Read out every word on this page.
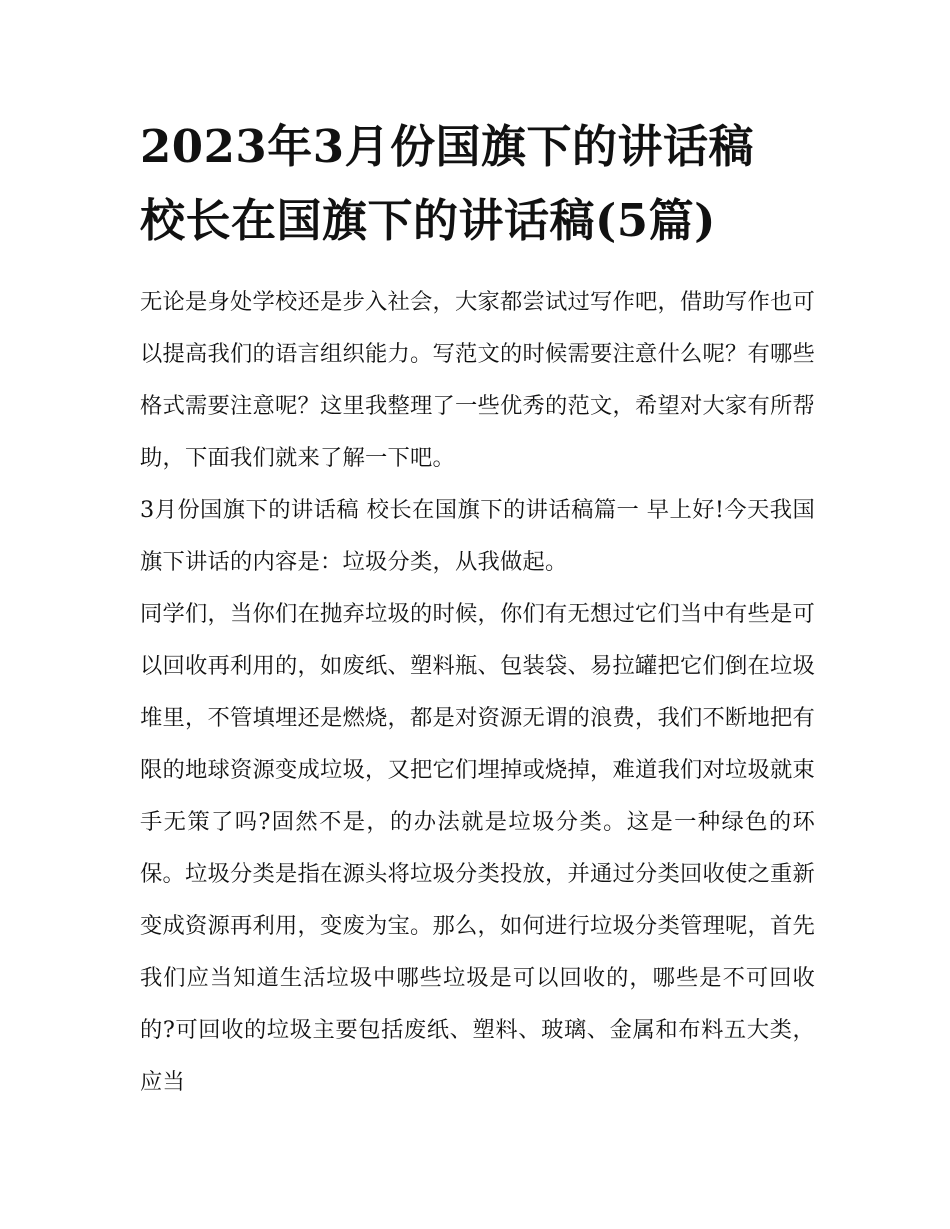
2023年3月份国旗下的讲话稿
校长在国旗下的讲话稿(5篇)

无论是身处学校还是步入社会，大家都尝试过写作吧，借助写作也可以提高我们的语言组织能力。写范文的时候需要注意什么呢？有哪些格式需要注意呢？这里我整理了一些优秀的范文，希望对大家有所帮助，下面我们就来了解一下吧。

3月份国旗下的讲话稿 校长在国旗下的讲话稿篇一 早上好!今天我国旗下讲话的内容是：垃圾分类，从我做起。

同学们，当你们在抛弃垃圾的时候，你们有无想过它们当中有些是可以回收再利用的，如废纸、塑料瓶、包装袋、易拉罐把它们倒在垃圾堆里，不管填埋还是燃烧，都是对资源无谓的浪费，我们不断地把有限的地球资源变成垃圾，又把它们埋掉或烧掉，难道我们对垃圾就束手无策了吗?固然不是，的办法就是垃圾分类。这是一种绿色的环保。垃圾分类是指在源头将垃圾分类投放，并通过分类回收使之重新变成资源再利用，变废为宝。那么，如何进行垃圾分类管理呢，首先我们应当知道生活垃圾中哪些垃圾是可以回收的，哪些是不可回收的?可回收的垃圾主要包括废纸、塑料、玻璃、金属和布料五大类，应当
